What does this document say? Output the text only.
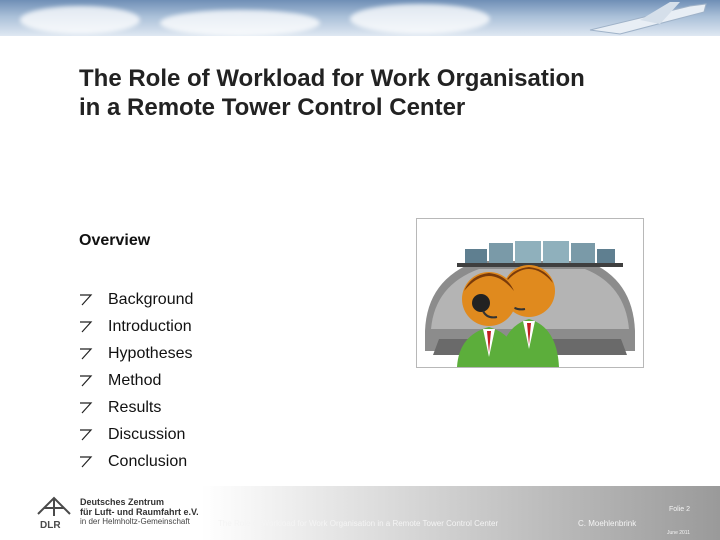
The Role of Workload for Work Organisation
in a Remote Tower Control Center
Overview
Background
Introduction
Hypotheses
Method
Results
Discussion
Conclusion
DLR
Deutsches Zentrum
für Luft- und Raumfahrt e.V.
in der Helmholtz-Gemeinschaft	The Role of Workload for Work Organisation in a Remote Tower Control Center	C. Moehlenbrink
Folie 2
June 2011
